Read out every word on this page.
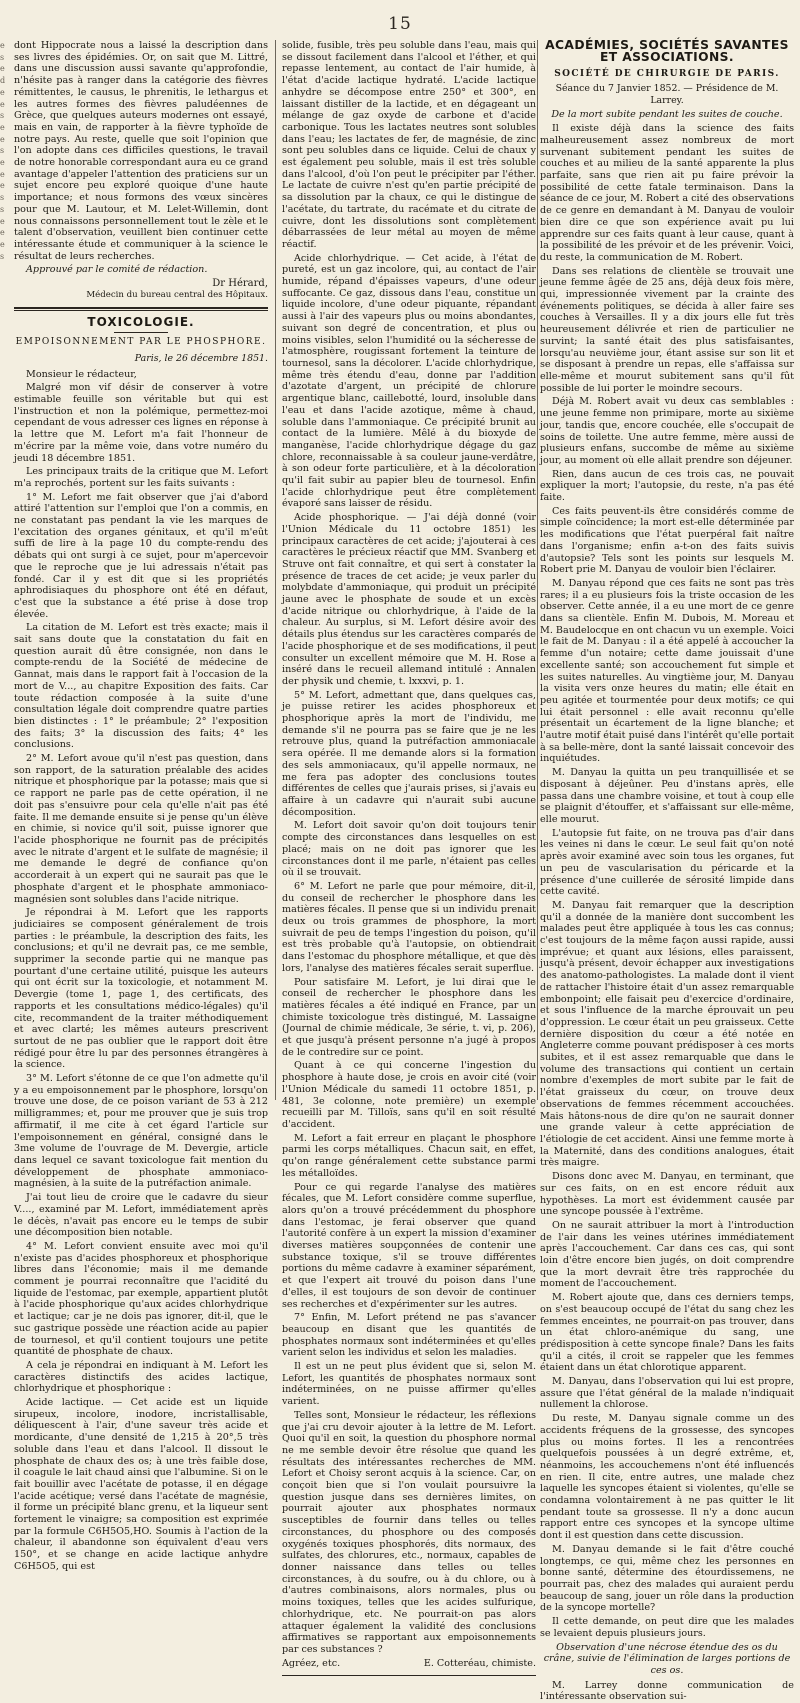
15
e s e d e e s e e s e e e s s e e e s

dont Hippocrate nous a laissé la description dans ses livres des épidémies. Or, on sait que M. Littré, dans une discussion aussi savante qu'approfondie, n'hésite pas à ranger dans la catégorie des fièvres rémittentes, le causus, le phrenitis, le lethargus et les autres formes des fièvres paludéennes de Grèce, que quelques auteurs modernes ont essayé, mais en vain, de rapporter à la fièvre typhoïde de notre pays. Au reste, quelle que soit l'opinion que l'on adopte dans ces difficiles questions, le travail de notre honorable correspondant aura eu ce grand avantage d'appeler l'attention des praticiens sur un sujet encore peu exploré quoique d'une haute importance; et nous formons des vœux sincères pour que M. Lautour, et M. Lelet-Willemin, dont nous connaissons personnellement tout le zèle et le talent d'observation, veuillent bien continuer cette intéressante étude et communiquer à la science le résultat de leurs recherches.

Approuvé par le comité de rédaction.

Dr Hérard,
Médecin du bureau central des Hôpitaux.
TOXICOLOGIE.
EMPOISONNEMENT PAR LE PHOSPHORE.
Paris, le 26 décembre 1851.

Monsieur le rédacteur,

Malgré mon vif désir de conserver à votre estimable feuille son véritable but qui est l'instruction et non la polémique, permettez-moi cependant de vous adresser ces lignes en réponse à la lettre que M. Lefort m'a fait l'honneur de m'écrire par la même voie, dans votre numéro du jeudi 18 décembre 1851.

Les principaux traits de la critique que M. Lefort m'a reprochés, portent sur les faits suivants :

1° M. Lefort me fait observer que j'ai d'abord attiré l'attention sur l'emploi que l'on a commis, en ne constatant pas pendant la vie les marques de l'excitation des organes génitaux, et qu'il m'eût suffi de lire à la page 10 du compte-rendu des débats qui ont surgi à ce sujet, pour m'apercevoir que le reproche que je lui adressais n'était pas fondé. Car il y est dit que si les propriétés aphrodisiaques du phosphore ont été en défaut, c'est que la substance a été prise à dose trop élevée.

La citation de M. Lefort est très exacte; mais il sait sans doute que la constatation du fait en question aurait dû être consignée, non dans le compte-rendu de la Société de médecine de Gannat, mais dans le rapport fait à l'occasion de la mort de V..., au chapitre Exposition des faits. Car toute rédaction composée à la suite d'une consultation légale doit comprendre quatre parties bien distinctes : 1° le préambule; 2° l'exposition des faits; 3° la discussion des faits; 4° les conclusions.

2° M. Lefort avoue qu'il n'est pas question, dans son rapport, de la saturation préalable des acides nitrique et phosphorique par la potasse; mais que si ce rapport ne parle pas de cette opération, il ne doit pas s'ensuivre pour cela qu'elle n'ait pas été faite. Il me demande ensuite si je pense qu'un élève en chimie, si novice qu'il soit, puisse ignorer que l'acide phosphorique ne fournit pas de précipités avec le nitrate d'argent et le sulfate de magnésie; il me demande le degré de confiance qu'on accorderait à un expert qui ne saurait pas que le phosphate d'argent et le phosphate ammoniaco-magnésien sont solubles dans l'acide nitrique.

Je répondrai à M. Lefort que les rapports judiciaires se composent généralement de trois parties : le préambule, la description des faits, les conclusions; et qu'il ne devrait pas, ce me semble, supprimer la seconde partie qui ne manque pas pourtant d'une certaine utilité, puisque les auteurs qui ont écrit sur la toxicologie, et notamment M. Devergie (tome 1, page 1, des certificats, des rapports et les consultations médico-légales) qu'il cite, recommandent de la traiter méthodiquement et avec clarté; les mêmes auteurs prescrivent surtout de ne pas oublier que le rapport doit être rédigé pour être lu par des personnes étrangères à la science.

3° M. Lefort s'étonne de ce que l'on admette qu'il y a eu empoisonnement par le phosphore, lorsqu'on trouve une dose, de ce poison variant de 53 à 212 milligrammes; et, pour me prouver que je suis trop affirmatif, il me cite à cet égard l'article sur l'empoisonnement en général, consigné dans le 3me volume de l'ouvrage de M. Devergie, article dans lequel ce savant toxicologue fait mention du développement de phosphate ammoniaco-magnésien, à la suite de la putréfaction animale.

J'ai tout lieu de croire que le cadavre du sieur V...., examiné par M. Lefort, immédiatement après le décès, n'avait pas encore eu le temps de subir une décomposition bien notable.

4° M. Lefort convient ensuite avec moi qu'il n'existe pas d'acides phosphoreux et phosphorique libres dans l'économie; mais il me demande comment je pourrai reconnaître que l'acidité du liquide de l'estomac, par exemple, appartient plutôt à l'acide phosphorique qu'aux acides chlorhydrique et lactique; car je ne dois pas ignorer, dit-il, que le suc gastrique possède une réaction acide au papier de tournesol, et qu'il contient toujours une petite quantité de phosphate de chaux.

A cela je répondrai en indiquant à M. Lefort les caractères distinctifs des acides lactique, chlorhydrique et phosphorique :

Acide lactique. — Cet acide est un liquide sirupeux, incolore, inodore, incristallisable, déliquescent à l'air, d'une saveur très acide et mordicante, d'une densité de 1,215 à 20°,5 très soluble dans l'eau et dans l'alcool. Il dissout le phosphate de chaux des os; à une très faible dose, il coagule le lait chaud ainsi que l'albumine. Si on le fait bouillir avec l'acétate de potasse, il en dégage l'acide acétique; versé dans l'acétate de magnésie, il forme un précipité blanc grenu, et la liqueur sent fortement le vinaigre; sa composition est exprimée par la formule C6H5O5,HO. Soumis à l'action de la chaleur, il abandonne son équivalent d'eau vers 150°, et se change en acide lactique anhydre C6H5O5, qui est

solide, fusible, très peu soluble dans l'eau, mais qui se dissout facilement dans l'alcool et l'éther, et qui repasse lentement, au contact de l'air humide, à l'état d'acide lactique hydraté. L'acide lactique anhydre se décompose entre 250° et 300°, en laissant distiller de la lactide, et en dégageant un mélange de gaz oxyde de carbone et d'acide carbonique. Tous les lactates neutres sont solubles dans l'eau; les lactates de fer, de magnésie, de zinc sont peu solubles dans ce liquide. Celui de chaux y est également peu soluble, mais il est très soluble dans l'alcool, d'où l'on peut le précipiter par l'éther. Le lactate de cuivre n'est qu'en partie précipité de sa dissolution par la chaux, ce qui le distingue de l'acétate, du tartrate, du racémate et du citrate de cuivre, dont les dissolutions sont complètement débarrassées de leur métal au moyen de même réactif.

Acide chlorhydrique. — Cet acide, à l'état de pureté, est un gaz incolore, qui, au contact de l'air humide, répand d'épaisses vapeurs, d'une odeur suffocante. Ce gaz, dissous dans l'eau, constitue un liquide incolore, d'une odeur piquante, répandant aussi à l'air des vapeurs plus ou moins abondantes, suivant son degré de concentration, et plus ou moins visibles, selon l'humidité ou la sécheresse de l'atmosphère, rougissant fortement la teinture de tournesol, sans la décolorer. L'acide chlorhydrique, même très étendu d'eau, donne par l'addition d'azotate d'argent, un précipité de chlorure argentique blanc, caillebotté, lourd, insoluble dans l'eau et dans l'acide azotique, même à chaud, soluble dans l'ammoniaque. Ce précipité brunit au contact de la lumière. Mêlé à du bioxyde de manganèse, l'acide chlorhydrique dégage du gaz chlore, reconnaissable à sa couleur jaune-verdâtre, à son odeur forte particulière, et à la décoloration qu'il fait subir au papier bleu de tournesol. Enfin l'acide chlorhydrique peut être complètement évaporé sans laisser de résidu.

Acide phosphorique. — J'ai déjà donné (voir l'Union Médicale du 11 octobre 1851) les principaux caractères de cet acide; j'ajouterai à ces caractères le précieux réactif que MM. Svanberg et Struve ont fait connaître, et qui sert à constater la présence de traces de cet acide; je veux parler du molybdate d'ammoniaque, qui produit un précipité jaune avec le phosphate de soude et un excès d'acide nitrique ou chlorhydrique, à l'aide de la chaleur. Au surplus, si M. Lefort désire avoir des détails plus étendus sur les caractères comparés de l'acide phosphorique et de ses modifications, il peut consulter un excellent mémoire que M. H. Rose a inséré dans le recueil allemand intitulé : Annalen der physik und chemie, t. lxxxvi, p. 1.

5° M. Lefort, admettant que, dans quelques cas, je puisse retirer les acides phosphoreux et phosphorique après la mort de l'individu, me demande s'il ne pourra pas se faire que je ne les retrouve plus, quand la putréfaction ammoniacale sera opérée. Il me demande alors si la formation des sels ammoniacaux, qu'il appelle normaux, ne me fera pas adopter des conclusions toutes différentes de celles que j'aurais prises, si j'avais eu affaire à un cadavre qui n'aurait subi aucune décomposition.

M. Lefort doit savoir qu'on doit toujours tenir compte des circonstances dans lesquelles on est placé; mais on ne doit pas ignorer que les circonstances dont il me parle, n'étaient pas celles où il se trouvait.

6° M. Lefort ne parle que pour mémoire, dit-il, du conseil de rechercher le phosphore dans les matières fécales. Il pense que si un individu prenait deux ou trois grammes de phosphore, la mort suivrait de peu de temps l'ingestion du poison, qu'il est très probable qu'à l'autopsie, on obtiendrait dans l'estomac du phosphore métallique, et que dès lors, l'analyse des matières fécales serait superflue.

Pour satisfaire M. Lefort, je lui dirai que le conseil de rechercher le phosphore dans les matières fécales a été indiqué en France, par un chimiste toxicologue très distingué, M. Lassaigne (Journal de chimie médicale, 3e série, t. vi, p. 206), et que jusqu'à présent personne n'a jugé à propos de le contredire sur ce point.

Quant à ce qui concerne l'ingestion du phosphore à haute dose, je crois en avoir cité (voir l'Union Médicale du samedi 11 octobre 1851, p. 481, 3e colonne, note première) un exemple recueilli par M. Tilloïs, sans qu'il en soit résulté d'accident.

M. Lefort a fait erreur en plaçant le phosphore parmi les corps métalliques. Chacun sait, en effet, qu'on range généralement cette substance parmi les métalloïdes.

Pour ce qui regarde l'analyse des matières fécales, que M. Lefort considère comme superflue, alors qu'on a trouvé précédemment du phosphore dans l'estomac, je ferai observer que quand l'autorité confère à un expert la mission d'examiner diverses matières soupçonnées de contenir une substance toxique, s'il se trouve différentes portions du même cadavre à examiner séparément, et que l'expert ait trouvé du poison dans l'une d'elles, il est toujours de son devoir de continuer ses recherches et d'expérimenter sur les autres.

7° Enfin, M. Lefort prétend ne pas s'avancer beaucoup en disant que les quantités de phosphates normaux sont indéterminées et qu'elles varient selon les individus et selon les maladies.

Il est un ne peut plus évident que si, selon M. Lefort, les quantités de phosphates normaux sont indéterminées, on ne puisse affirmer qu'elles varient.

Telles sont, Monsieur le rédacteur, les réflexions que j'ai cru devoir ajouter à la lettre de M. Lefort. Quoi qu'il en soit, la question du phosphore normal ne me semble devoir être résolue que quand les résultats des intéressantes recherches de MM. Lefort et Choisy seront acquis à la science. Car, on conçoit bien que si l'on voulait poursuivre la question jusque dans ses dernières limites, on pourrait ajouter aux phosphates normaux susceptibles de fournir dans telles ou telles circonstances, du phosphore ou des composés oxygénés toxiques phosphorés, dits normaux, des sulfates, des chlorures, etc., normaux, capables de donner naissance dans telles ou telles circonstances, à du soufre, ou à du chlore, ou à d'autres combinaisons, alors normales, plus ou moins toxiques, telles que les acides sulfurique, chlorhydrique, etc. Ne pourrait-on pas alors attaquer également la validité des conclusions affirmatives se rapportant aux empoisonnements par ces substances ?

Agréez, etc.	E. Cotteréau, chimiste.
ACADÉMIES, SOCIÉTÉS SAVANTES ET ASSOCIATIONS.
SOCIÉTÉ DE CHIRURGIE DE PARIS.
Séance du 7 Janvier 1852. — Présidence de M. Larrey.
De la mort subite pendant les suites de couche.

Il existe déjà dans la science des faits malheureusement assez nombreux de mort survenant subitement pendant les suites de couches et au milieu de la santé apparente la plus parfaite, sans que rien ait pu faire prévoir la possibilité de cette fatale terminaison. Dans la séance de ce jour, M. Robert a cité des observations de ce genre en demandant à M. Danyau de vouloir bien dire ce que son expérience avait pu lui apprendre sur ces faits quant à leur cause, quant à la possibilité de les prévoir et de les prévenir. Voici, du reste, la communication de M. Robert.

Dans ses relations de clientèle se trouvait une jeune femme âgée de 25 ans, déjà deux fois mère, qui, impressionnée vivement par la crainte des événements politiques, se décida à aller faire ses couches à Versailles. Il y a dix jours elle fut très heureusement délivrée et rien de particulier ne survint; la santé était des plus satisfaisantes, lorsqu'au neuvième jour, étant assise sur son lit et se disposant à prendre un repas, elle s'affaissa sur elle-même et mourut subitement sans qu'il fût possible de lui porter le moindre secours.

Déjà M. Robert avait vu deux cas semblables : une jeune femme non primipare, morte au sixième jour, tandis que, encore couchée, elle s'occupait de soins de toilette. Une autre femme, mère aussi de plusieurs enfans, succombe de même au sixième jour, au moment où elle allait prendre son déjeuner.

Rien, dans aucun de ces trois cas, ne pouvait expliquer la mort; l'autopsie, du reste, n'a pas été faite.

Ces faits peuvent-ils être considérés comme de simple coïncidence; la mort est-elle déterminée par les modifications que l'état puerpéral fait naître dans l'organisme; enfin a-t-on des faits suivis d'autopsie? Tels sont les points sur lesquels M. Robert prie M. Danyau de vouloir bien l'éclairer.

M. Danyau répond que ces faits ne sont pas très rares; il a eu plusieurs fois la triste occasion de les observer. Cette année, il a eu une mort de ce genre dans sa clientèle. Enfin M. Dubois, M. Moreau et M. Baudelocque en ont chacun vu un exemple. Voici le fait de M. Danyau : il a été appelé à accoucher la femme d'un notaire; cette dame jouissait d'une excellente santé; son accouchement fut simple et les suites naturelles. Au vingtième jour, M. Danyau la visita vers onze heures du matin; elle était en peu agitée et tourmentée pour deux motifs; ce qui lui était personnel : elle avait reconnu qu'elle présentait un écartement de la ligne blanche; et l'autre motif était puisé dans l'intérêt qu'elle portait à sa belle-mère, dont la santé laissait concevoir des inquiétudes.

M. Danyau la quitta un peu tranquillisée et se disposant à déjeûner. Peu d'instans après, elle passa dans une chambre voisine, et tout à coup elle se plaignit d'étouffer, et s'affaissant sur elle-même, elle mourut.

L'autopsie fut faite, on ne trouva pas d'air dans les veines ni dans le cœur. Le seul fait qu'on noté après avoir examiné avec soin tous les organes, fut un peu de vascularisation du péricarde et la présence d'une cuillerée de sérosité limpide dans cette cavité.

M. Danyau fait remarquer que la description qu'il a donnée de la manière dont succombent les malades peut être appliquée à tous les cas connus; c'est toujours de la même façon aussi rapide, aussi imprévue; et quant aux lésions, elles paraissent, jusqu'à présent, devoir échapper aux investigations des anatomo-pathologistes. La malade dont il vient de rattacher l'histoire était d'un assez remarquable embonpoint; elle faisait peu d'exercice d'ordinaire, et sous l'influence de la marche éprouvait un peu d'oppression. Le cœur était un peu graisseux. Cette dernière disposition du cœur a été notée en Angleterre comme pouvant prédisposer à ces morts subites, et il est assez remarquable que dans le volume des transactions qui contient un certain nombre d'exemples de mort subite par le fait de l'état graisseux du cœur, on trouve deux observations de femmes récemment accouchées. Mais hâtons-nous de dire qu'on ne saurait donner une grande valeur à cette appréciation de l'étiologie de cet accident. Ainsi une femme morte à la Maternité, dans des conditions analogues, était très maigre.

Disons donc avec M. Danyau, en terminant, que sur ces faits, on en est encore réduit aux hypothèses. La mort est évidemment causée par une syncope poussée à l'extrême.

On ne saurait attribuer la mort à l'introduction de l'air dans les veines utérines immédiatement après l'accouchement. Car dans ces cas, qui sont loin d'être encore bien jugés, on doit comprendre que la mort devrait être très rapprochée du moment de l'accouchement.

M. Robert ajoute que, dans ces derniers temps, on s'est beaucoup occupé de l'état du sang chez les femmes enceintes, ne pourrait-on pas trouver, dans un état chloro-anémique du sang, une prédisposition à cette syncope finale? Dans les faits qu'il a cités, il croit se rappeler que les femmes étaient dans un état chlorotique apparent.

M. Danyau, dans l'observation qui lui est propre, assure que l'état général de la malade n'indiquait nullement la chlorose.

Du reste, M. Danyau signale comme un des accidents fréquens de la grossesse, des syncopes plus ou moins fortes. Il les a rencontrées quelquefois poussées à un degré extrême, et, néanmoins, les accouchemens n'ont été influencés en rien. Il cite, entre autres, une malade chez laquelle les syncopes étaient si violentes, qu'elle se condamna volontairement à ne pas quitter le lit pendant toute sa grossesse. Il n'y a donc aucun rapport entre ces syncopes et la syncope ultime dont il est question dans cette discussion.

M. Danyau demande si le fait d'être couché longtemps, ce qui, même chez les personnes en bonne santé, détermine des étourdissemens, ne pourrait pas, chez des malades qui auraient perdu beaucoup de sang, jouer un rôle dans la production de la syncope mortelle?

Il cette demande, on peut dire que les malades se levaient depuis plusieurs jours.

Observation d'une nécrose étendue des os du crâne, suivie de l'élimination de larges portions de ces os.

M. Larrey donne communication de l'intéressante observation sui-
